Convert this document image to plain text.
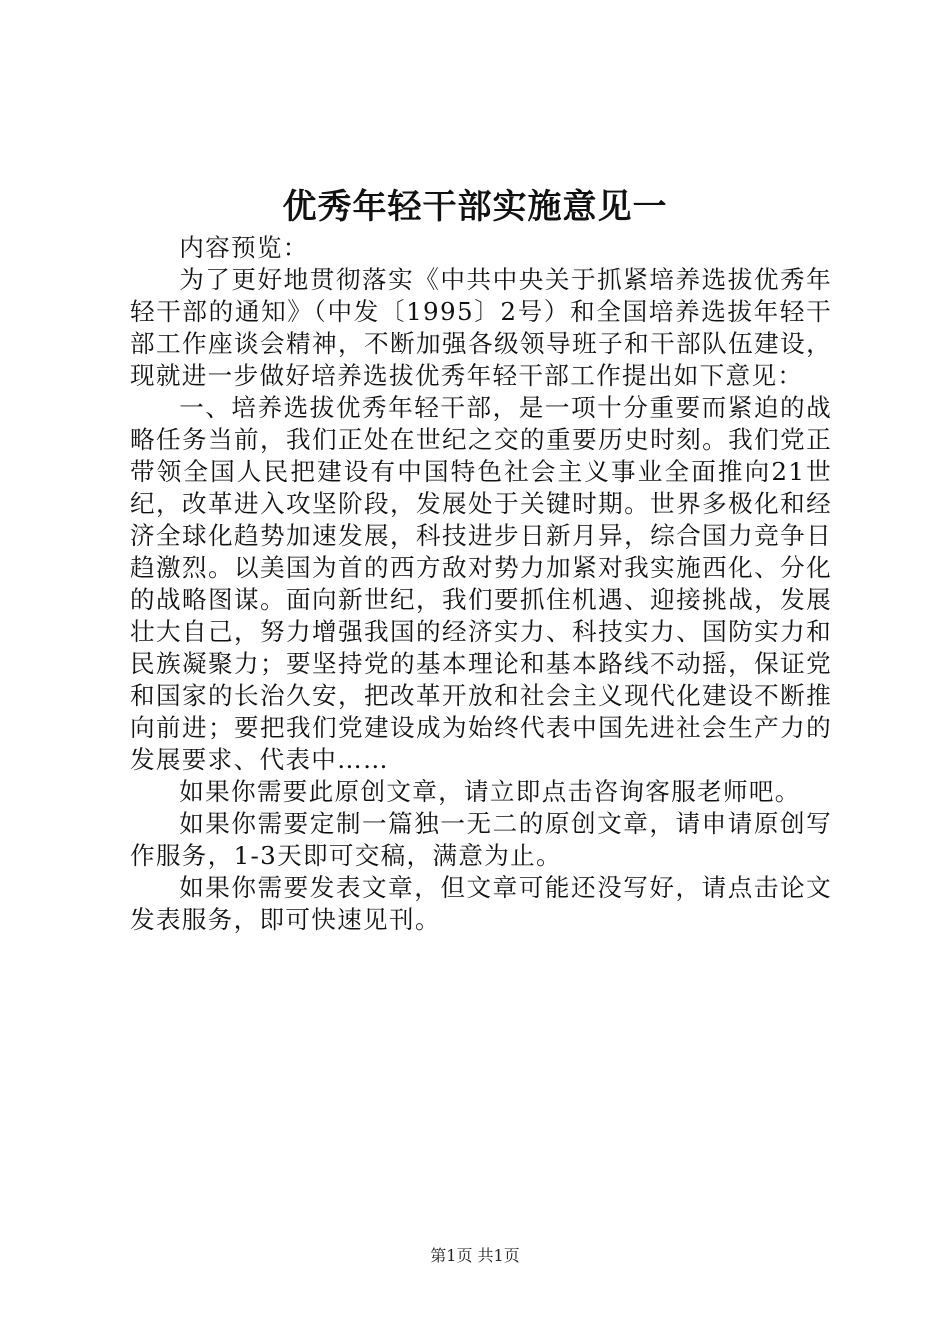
优秀年轻干部实施意见一

内容预览：

为了更好地贯彻落实《中共中央关于抓紧培养选拔优秀年轻干部的通知》（中发〔1995〕2号）和全国培养选拔年轻干部工作座谈会精神，不断加强各级领导班子和干部队伍建设，现就进一步做好培养选拔优秀年轻干部工作提出如下意见：

一、培养选拔优秀年轻干部，是一项十分重要而紧迫的战略任务当前，我们正处在世纪之交的重要历史时刻。我们党正带领全国人民把建设有中国特色社会主义事业全面推向21世纪，改革进入攻坚阶段，发展处于关键时期。世界多极化和经济全球化趋势加速发展，科技进步日新月异，综合国力竞争日趋激烈。以美国为首的西方敌对势力加紧对我实施西化、分化的战略图谋。面向新世纪，我们要抓住机遇、迎接挑战，发展壮大自己，努力增强我国的经济实力、科技实力、国防实力和民族凝聚力；要坚持党的基本理论和基本路线不动摇，保证党和国家的长治久安，把改革开放和社会主义现代化建设不断推向前进；要把我们党建设成为始终代表中国先进社会生产力的发展要求、代表中……

如果你需要此原创文章，请立即点击咨询客服老师吧。

如果你需要定制一篇独一无二的原创文章，请申请原创写作服务，1-3天即可交稿，满意为止。

如果你需要发表文章，但文章可能还没写好，请点击论文发表服务，即可快速见刊。

第1页 共1页
